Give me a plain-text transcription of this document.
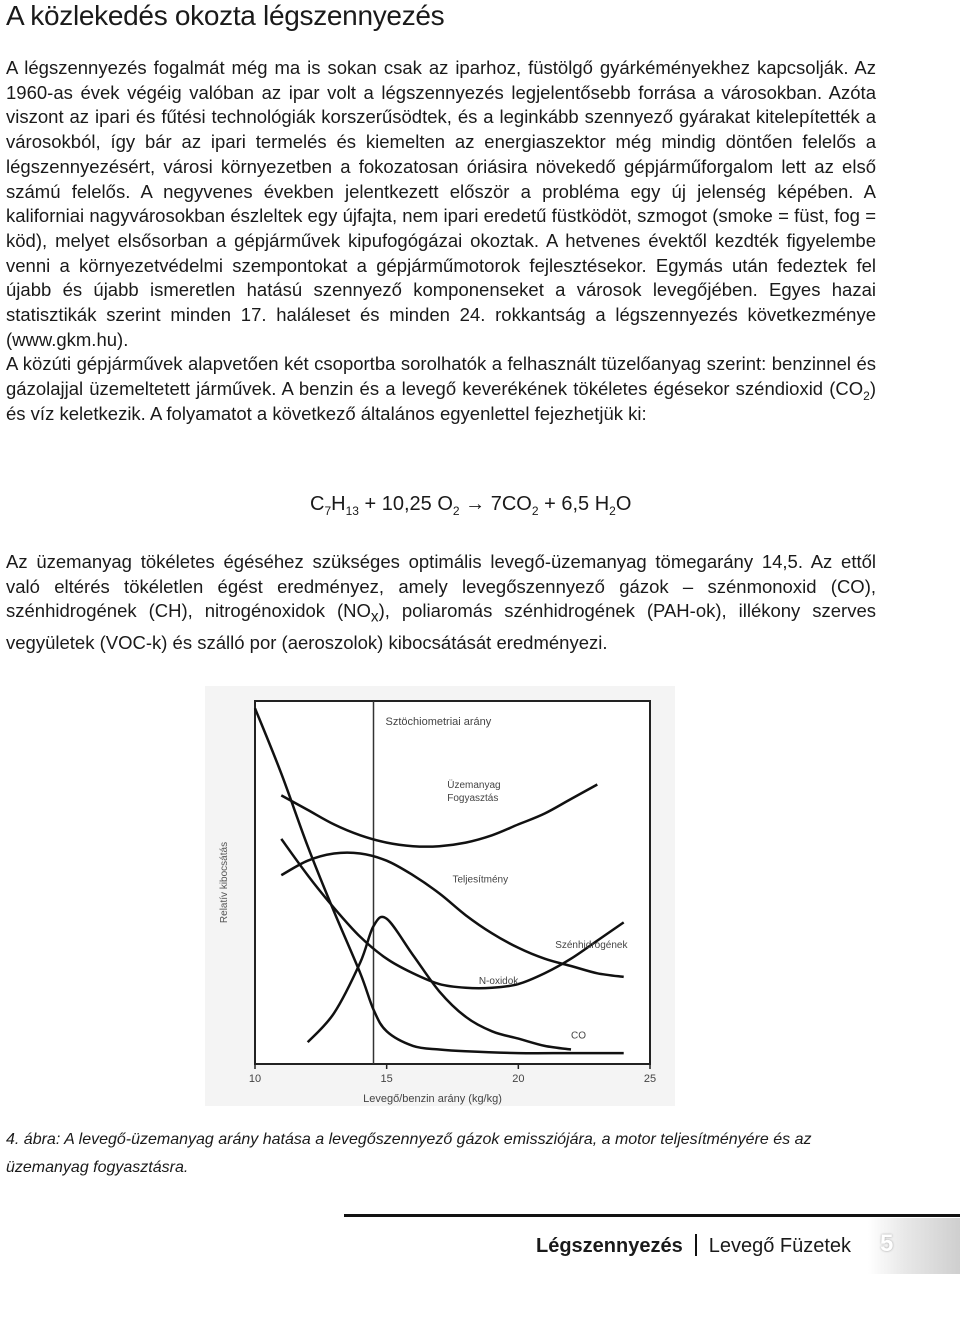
A közlekedés okozta légszennyezés

A légszennyezés fogalmát még ma is sokan csak az iparhoz, füstölgő gyárkéményekhez kapcsolják. Az 1960-as évek végéig valóban az ipar volt a légszennyezés legjelentősebb forrása a városokban. Azóta viszont az ipari és fűtési technológiák korszerűsödtek, és a leginkább szennyező gyárakat kitelepítették a városokból, így bár az ipari termelés és kiemelten az energiaszektor még mindig döntően felelős a légszennyezésért, városi környezetben a fokozatosan óriásira növekedő gépjárműforgalom lett az első számú felelős. A negyvenes években jelentkezett először a probléma egy új jelenség képében. A kaliforniai nagyvárosokban észleltek egy újfajta, nem ipari eredetű füstködöt, szmogot (smoke = füst, fog = köd), melyet elsősorban a gépjárművek kipufogógázai okoztak. A hetvenes évektől kezdték figyelembe venni a környezetvédelmi szempontokat a gépjárműmotorok fejlesztésekor. Egymás után fedeztek fel újabb és újabb ismeretlen hatású szennyező komponenseket a városok levegőjében. Egyes hazai statisztikák szerint minden 17. haláleset és minden 24. rokkantság a légszennyezés következménye (www.gkm.hu).

A közúti gépjárművek alapvetően két csoportba sorolhatók a felhasznált tüzelőanyag szerint: benzinnel és gázolajjal üzemeltetett járművek. A benzin és a levegő keverékének tökéletes égésekor széndioxid $(CO_2)$ és víz keletkezik. A folyamatot a következő általános egyenlettel fejezhetjük ki:

$C_7H_{13} + 10,25$ $O_2 \to 7CO_2 + 6,5$ $H_2O$

Az üzemanyag tökéletes égéséhez szükséges optimális levegő-üzemanyag tömegarány 14,5. Az ettől való eltérés tökéletlen égést eredményez, amely levegőszennyező gázok – szénmonoxid (CO), szénhidrogének (CH), nitrogénoxidok $(NO_x)$, poliaromás szénhidrogének (PAH-ok), illékony szerves vegyületek (VOC-k) és szálló por (aeroszolok) kibocsátását eredményezi.

Sztöchiometriai arány
10	15	20	25
Levegő/benzin arány (kg/kg)
Relatív kibocsátás
Üzemanyag
Fogyasztás
Teljesítmény
Szénhidrogének
N-oxidok
CO

4. ábra: A levegő-üzemanyag arány hatása a levegőszennyező gázok emissziójára, a motor teljesítményére és az üzemanyag fogyasztásra.

Légszennyezés Levegő Füzetek 5
